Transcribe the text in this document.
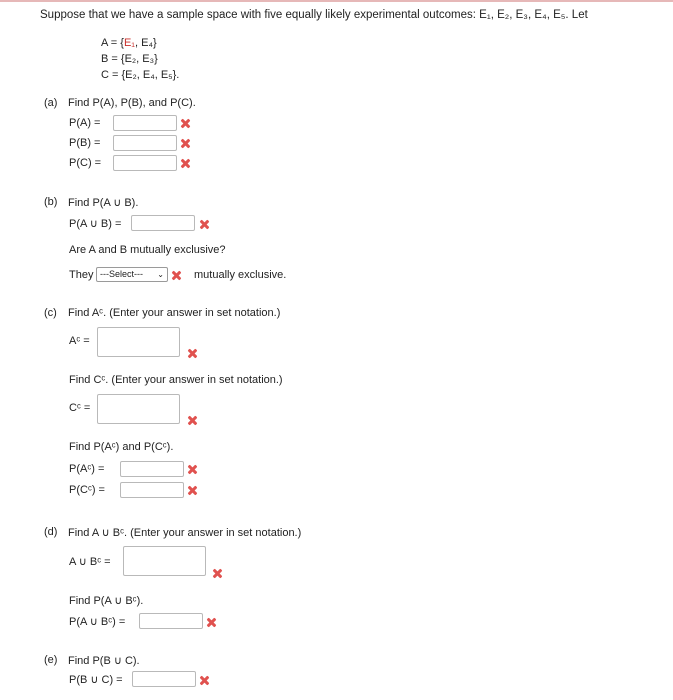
Suppose that we have a sample space with five equally likely experimental outcomes: E₁, E₂, E₃, E₄, E₅. Let
A = {E₁, E₄}
B = {E₂, E₃}
C = {E₂, E₄, E₅}.
(a) Find P(A), P(B), and P(C).
P(A) =
P(B) =
P(C) =
(b) Find P(A ∪ B).
P(A ∪ B) =
Are A and B mutually exclusive?
They ---Select--- ⌄	mutually exclusive.
(c) Find Aᶜ. (Enter your answer in set notation.)
Aᶜ =
Find Cᶜ. (Enter your answer in set notation.)
Cᶜ =
Find P(Aᶜ) and P(Cᶜ).
P(Aᶜ) =
P(Cᶜ) =
(d) Find A ∪ Bᶜ. (Enter your answer in set notation.)
A ∪ Bᶜ =
Find P(A ∪ Bᶜ).
P(A ∪ Bᶜ) =
(e) Find P(B ∪ C).
P(B ∪ C) =
